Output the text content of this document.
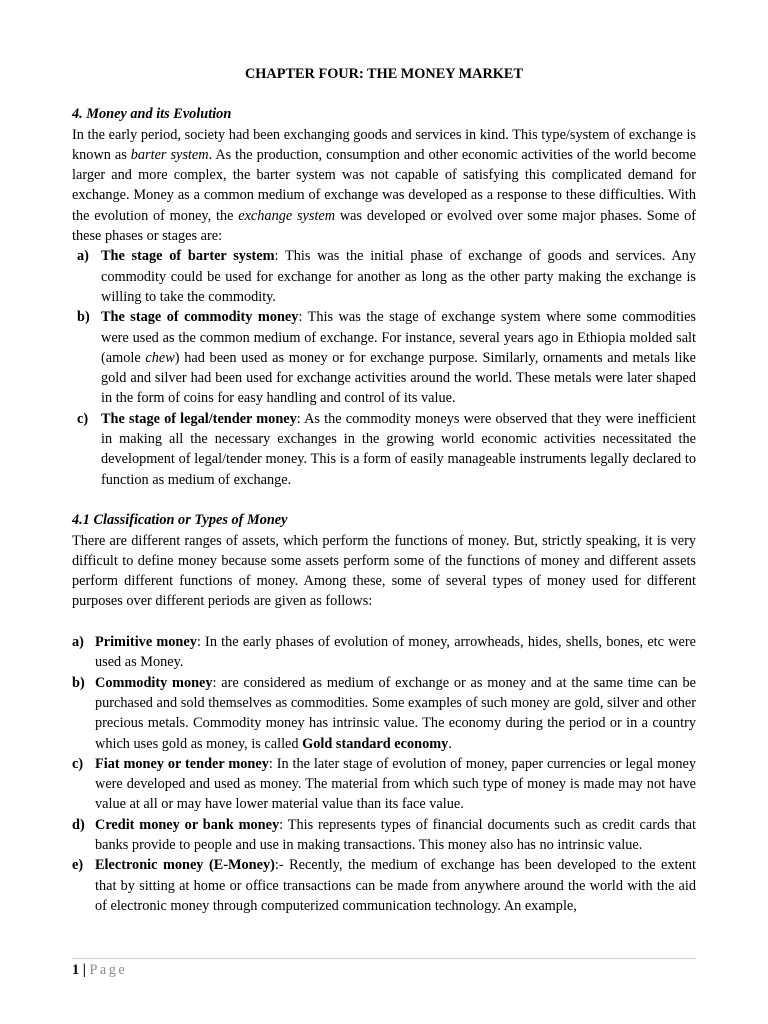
CHAPTER FOUR: THE MONEY MARKET
4. Money and its Evolution

In the early period, society had been exchanging goods and services in kind. This type/system of exchange is known as barter system. As the production, consumption and other economic activities of the world become larger and more complex, the barter system was not capable of satisfying this complicated demand for exchange. Money as a common medium of exchange was developed as a response to these difficulties. With the evolution of money, the exchange system was developed or evolved over some major phases. Some of these phases or stages are:

a) The stage of barter system: This was the initial phase of exchange of goods and services. Any commodity could be used for exchange for another as long as the other party making the exchange is willing to take the commodity.
b) The stage of commodity money: This was the stage of exchange system where some commodities were used as the common medium of exchange. For instance, several years ago in Ethiopia molded salt (amole chew) had been used as money or for exchange purpose. Similarly, ornaments and metals like gold and silver had been used for exchange activities around the world. These metals were later shaped in the form of coins for easy handling and control of its value.
c) The stage of legal/tender money: As the commodity moneys were observed that they were inefficient in making all the necessary exchanges in the growing world economic activities necessitated the development of legal/tender money. This is a form of easily manageable instruments legally declared to function as medium of exchange.
4.1 Classification or Types of Money

There are different ranges of assets, which perform the functions of money. But, strictly speaking, it is very difficult to define money because some assets perform some of the functions of money and different assets perform different functions of money. Among these, some of several types of money used for different purposes over different periods are given as follows:

a) Primitive money: In the early phases of evolution of money, arrowheads, hides, shells, bones, etc were used as Money.
b) Commodity money: are considered as medium of exchange or as money and at the same time can be purchased and sold themselves as commodities. Some examples of such money are gold, silver and other precious metals. Commodity money has intrinsic value. The economy during the period or in a country which uses gold as money, is called Gold standard economy.
c) Fiat money or tender money: In the later stage of evolution of money, paper currencies or legal money were developed and used as money. The material from which such type of money is made may not have value at all or may have lower material value than its face value.
d) Credit money or bank money: This represents types of financial documents such as credit cards that banks provide to people and use in making transactions. This money also has no intrinsic value.
e) Electronic money (E-Money):- Recently, the medium of exchange has been developed to the extent that by sitting at home or office transactions can be made from anywhere around the world with the aid of electronic money through computerized communication technology. An example,
1 | Page
